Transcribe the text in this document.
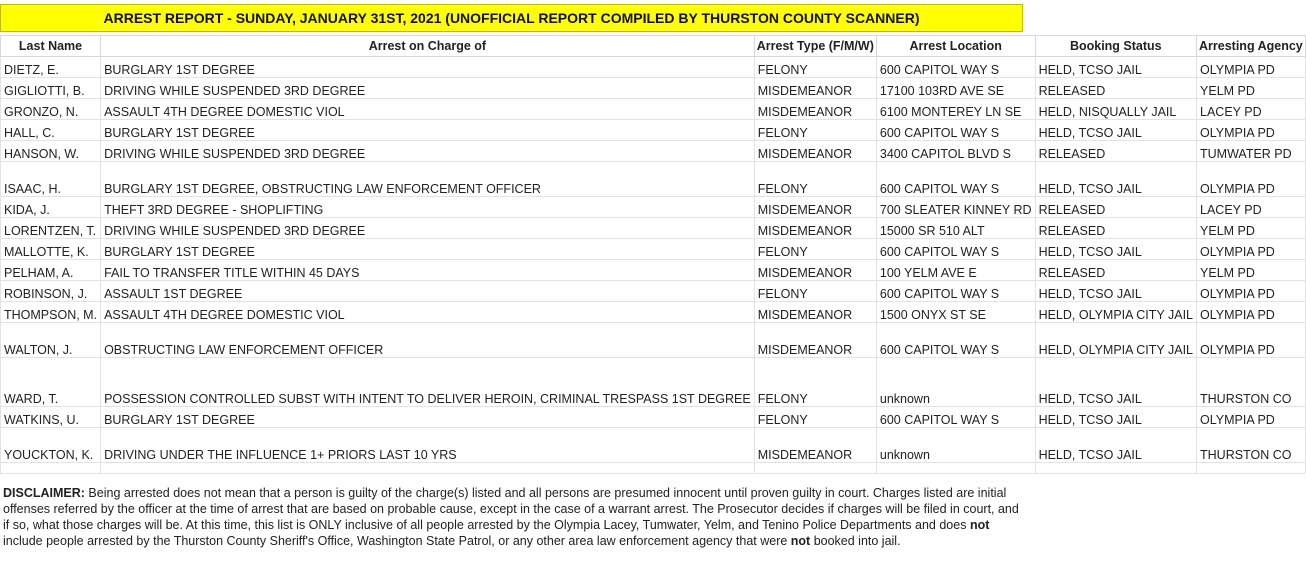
ARREST REPORT - SUNDAY, JANUARY 31ST, 2021 (UNOFFICIAL REPORT COMPILED BY THURSTON COUNTY SCANNER)
Last Name	Arrest on Charge of	Arrest Type (F/M/W)	Arrest Location	Booking Status	Arresting Agency
DIETZ, E.	BURGLARY 1ST DEGREE	FELONY	600 CAPITOL WAY S	HELD, TCSO JAIL	OLYMPIA PD
GIGLIOTTI, B.	DRIVING WHILE SUSPENDED 3RD DEGREE	MISDEMEANOR	17100 103RD AVE SE	RELEASED	YELM PD
GRONZO, N.	ASSAULT 4TH DEGREE DOMESTIC VIOL	MISDEMEANOR	6100 MONTEREY LN SE	HELD, NISQUALLY JAIL	LACEY PD
HALL, C.	BURGLARY 1ST DEGREE	FELONY	600 CAPITOL WAY S	HELD, TCSO JAIL	OLYMPIA PD
HANSON, W.	DRIVING WHILE SUSPENDED 3RD DEGREE	MISDEMEANOR	3400 CAPITOL BLVD S	RELEASED	TUMWATER PD
ISAAC, H.	BURGLARY 1ST DEGREE, OBSTRUCTING LAW ENFORCEMENT OFFICER	FELONY	600 CAPITOL WAY S	HELD, TCSO JAIL	OLYMPIA PD
KIDA, J.	THEFT 3RD DEGREE - SHOPLIFTING	MISDEMEANOR	700 SLEATER KINNEY RD	RELEASED	LACEY PD
LORENTZEN, T.	DRIVING WHILE SUSPENDED 3RD DEGREE	MISDEMEANOR	15000 SR 510 ALT	RELEASED	YELM PD
MALLOTTE, K.	BURGLARY 1ST DEGREE	FELONY	600 CAPITOL WAY S	HELD, TCSO JAIL	OLYMPIA PD
PELHAM, A.	FAIL TO TRANSFER TITLE WITHIN 45 DAYS	MISDEMEANOR	100 YELM AVE E	RELEASED	YELM PD
ROBINSON, J.	ASSAULT 1ST DEGREE	FELONY	600 CAPITOL WAY S	HELD, TCSO JAIL	OLYMPIA PD
THOMPSON, M.	ASSAULT 4TH DEGREE DOMESTIC VIOL	MISDEMEANOR	1500 ONYX ST SE	HELD, OLYMPIA CITY JAIL	OLYMPIA PD
WALTON, J.	OBSTRUCTING LAW ENFORCEMENT OFFICER	MISDEMEANOR	600 CAPITOL WAY S	HELD, OLYMPIA CITY JAIL	OLYMPIA PD
WARD, T.	POSSESSION CONTROLLED SUBST WITH INTENT TO DELIVER HEROIN, CRIMINAL TRESPASS 1ST DEGREE	FELONY	unknown	HELD, TCSO JAIL	THURSTON CO
WATKINS, U.	BURGLARY 1ST DEGREE	FELONY	600 CAPITOL WAY S	HELD, TCSO JAIL	OLYMPIA PD
YOUCKTON, K.	DRIVING UNDER THE INFLUENCE 1+ PRIORS LAST 10 YRS	MISDEMEANOR	unknown	HELD, TCSO JAIL	THURSTON CO

DISCLAIMER: Being arrested does not mean that a person is guilty of the charge(s) listed and all persons are presumed innocent until proven guilty in court. Charges listed are initial offenses referred by the officer at the time of arrest that are based on probable cause, except in the case of a warrant arrest. The Prosecutor decides if charges will be filed in court, and if so, what those charges will be. At this time, this list is ONLY inclusive of all people arrested by the Olympia Lacey, Tumwater, Yelm, and Tenino Police Departments and does not include people arrested by the Thurston County Sheriff's Office, Washington State Patrol, or any other area law enforcement agency that were not booked into jail.
